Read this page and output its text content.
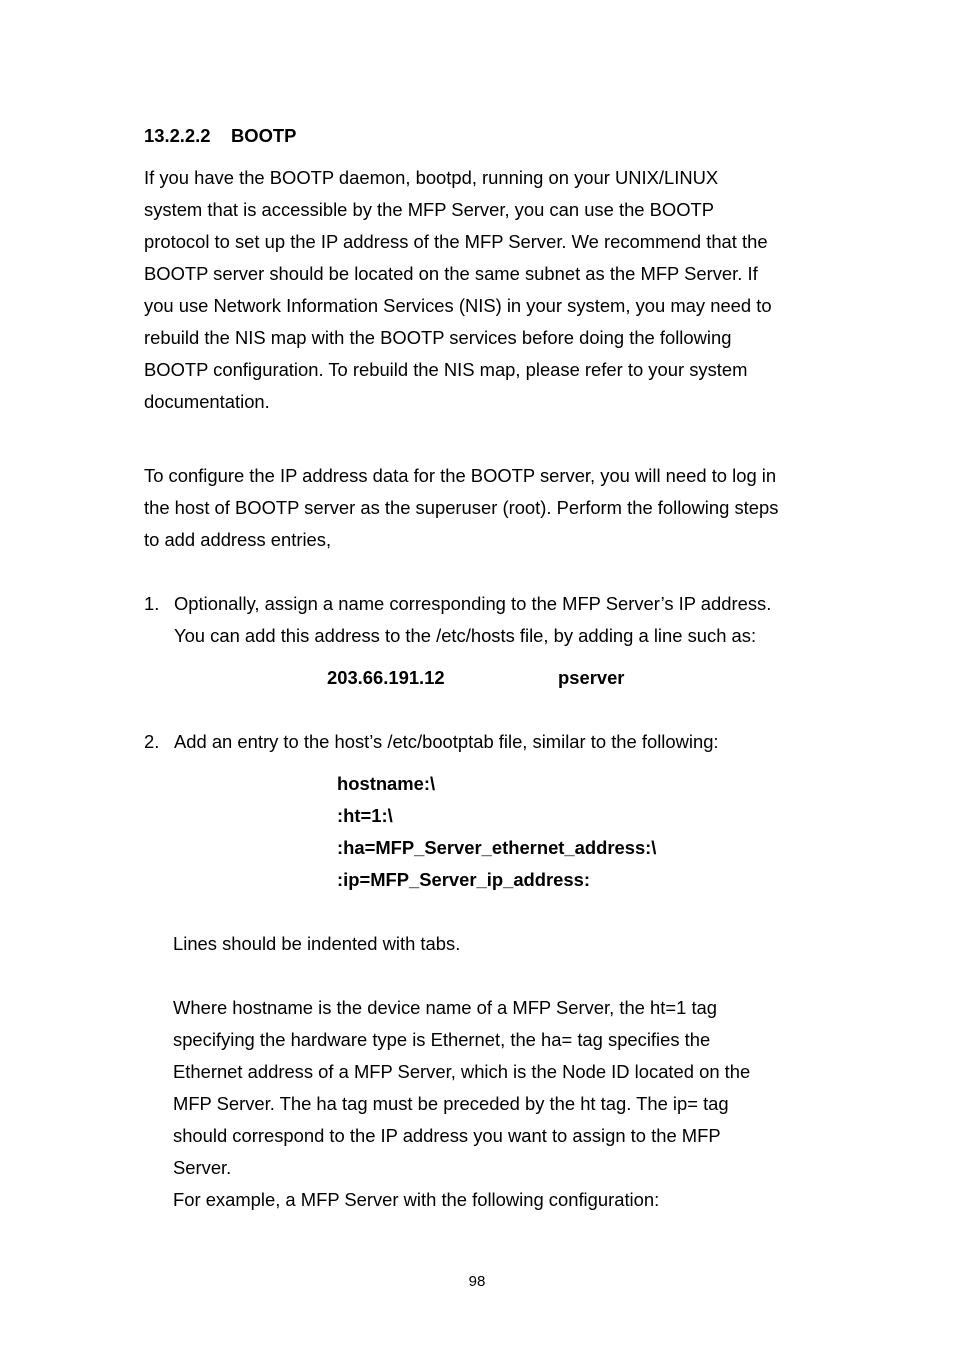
13.2.2.2 BOOTP
If you have the BOOTP daemon, bootpd, running on your UNIX/LINUX
system that is accessible by the MFP Server, you can use the BOOTP
protocol to set up the IP address of the MFP Server. We recommend that the
BOOTP server should be located on the same subnet as the MFP Server. If
you use Network Information Services (NIS) in your system, you may need to
rebuild the NIS map with the BOOTP services before doing the following
BOOTP configuration. To rebuild the NIS map, please refer to your system
documentation.
To configure the IP address data for the BOOTP server, you will need to log in
the host of BOOTP server as the superuser (root). Perform the following steps
to add address entries,
1. Optionally, assign a name corresponding to the MFP Server’s IP address.
You can add this address to the /etc/hosts file, by adding a line such as:
203.66.191.12	pserver
2. Add an entry to the host’s /etc/bootptab file, similar to the following:
hostname:\
:ht=1:\
:ha=MFP_Server_ethernet_address:\
:ip=MFP_Server_ip_address:
Lines should be indented with tabs.
Where hostname is the device name of a MFP Server, the ht=1 tag
specifying the hardware type is Ethernet, the ha= tag specifies the
Ethernet address of a MFP Server, which is the Node ID located on the
MFP Server. The ha tag must be preceded by the ht tag. The ip= tag
should correspond to the IP address you want to assign to the MFP
Server.
For example, a MFP Server with the following configuration:
98
